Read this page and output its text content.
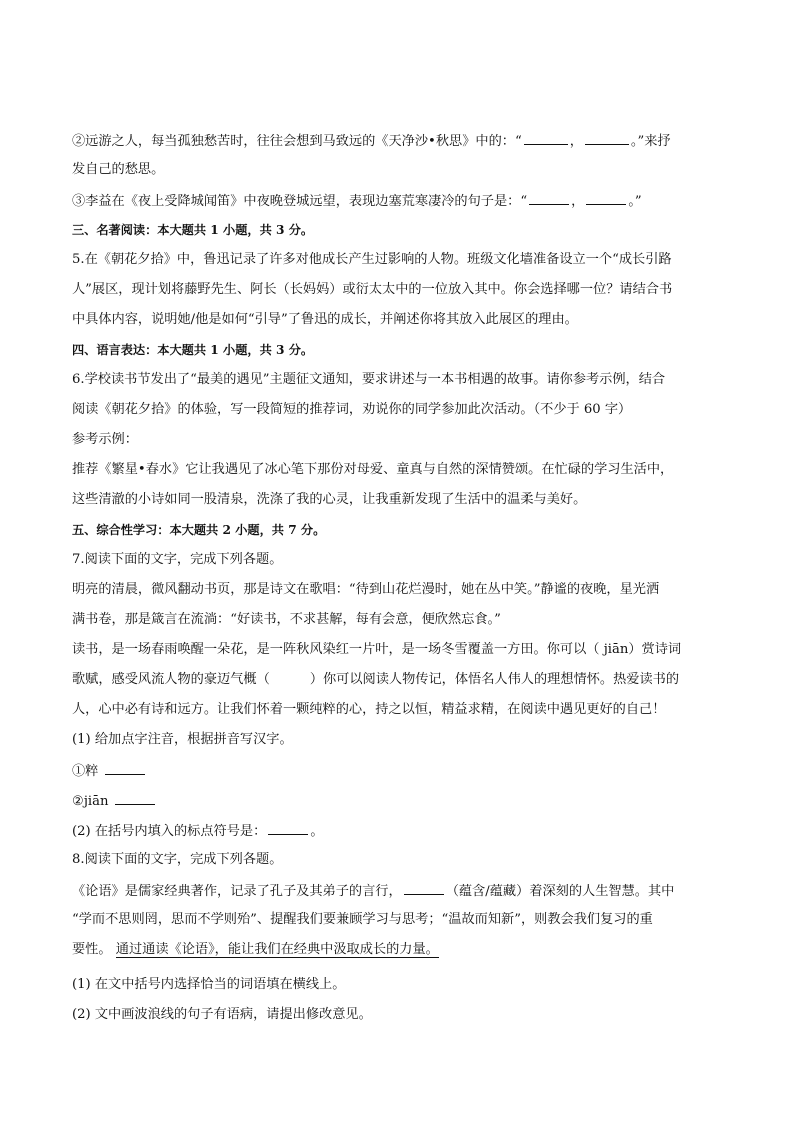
②远游之人，每当孤独愁苦时，往往会想到马致远的《天净沙•秋思》中的：“	，	。”来抒
发自己的愁思。
③李益在《夜上受降城闻笛》中夜晚登城远望，表现边塞荒寒凄冷的句子是：“	，	。”
三、名著阅读：本大题共 1 小题，共 3 分。
5.在《朝花夕拾》中，鲁迅记录了许多对他成长产生过影响的人物。班级文化墙准备设立一个“成长引路
人”展区，现计划将藤野先生、阿长（长妈妈）或衍太太中的一位放入其中。你会选择哪一位？请结合书
中具体内容，说明她/他是如何“引导”了鲁迅的成长，并阐述你将其放入此展区的理由。
四、语言表达：本大题共 1 小题，共 3 分。
6.学校读书节发出了“最美的遇见”主题征文通知，要求讲述与一本书相遇的故事。请你参考示例，结合
阅读《朝花夕拾》的体验，写一段简短的推荐词，劝说你的同学参加此次活动。（不少于 60 字）
参考示例：
推荐《繁星•春水》它让我遇见了冰心笔下那份对母爱、童真与自然的深情赞颂。在忙碌的学习生活中，
这些清澈的小诗如同一股清泉，洗涤了我的心灵，让我重新发现了生活中的温柔与美好。
五、综合性学习：本大题共 2 小题，共 7 分。
7.阅读下面的文字，完成下列各题。
明亮的清晨，微风翻动书页，那是诗文在歌唱：“待到山花烂漫时，她在丛中笑。”静谧的夜晚，星光洒
满书卷，那是箴言在流淌：“好读书，不求甚解，每有会意，便欣然忘食。”
读书，是一场春雨唤醒一朵花，是一阵秋风染红一片叶，是一场冬雪覆盖一方田。你可以（ jiān）赏诗词
歌赋，感受风流人物的豪迈气概（	）你可以阅读人物传记，体悟名人伟人的理想情怀。热爱读书的
人，心中必有诗和远方。让我们怀着一颗纯粹的心，持之以恒，精益求精，在阅读中遇见更好的自己！
(1) 给加点字注音，根据拼音写汉字。
①粹
②jiān
(2) 在括号内填入的标点符号是：	。
8.阅读下面的文字，完成下列各题。
《论语》是儒家经典著作，记录了孔子及其弟子的言行，	（蕴含/蕴藏）着深刻的人生智慧。其中
“学而不思则罔，思而不学则殆”、提醒我们要兼顾学习与思考；“温故而知新”，则教会我们复习的重
要性。 通过通读《论语》，能让我们在经典中汲取成长的力量。
(1) 在文中括号内选择恰当的词语填在横线上。
(2) 文中画波浪线的句子有语病，请提出修改意见。
